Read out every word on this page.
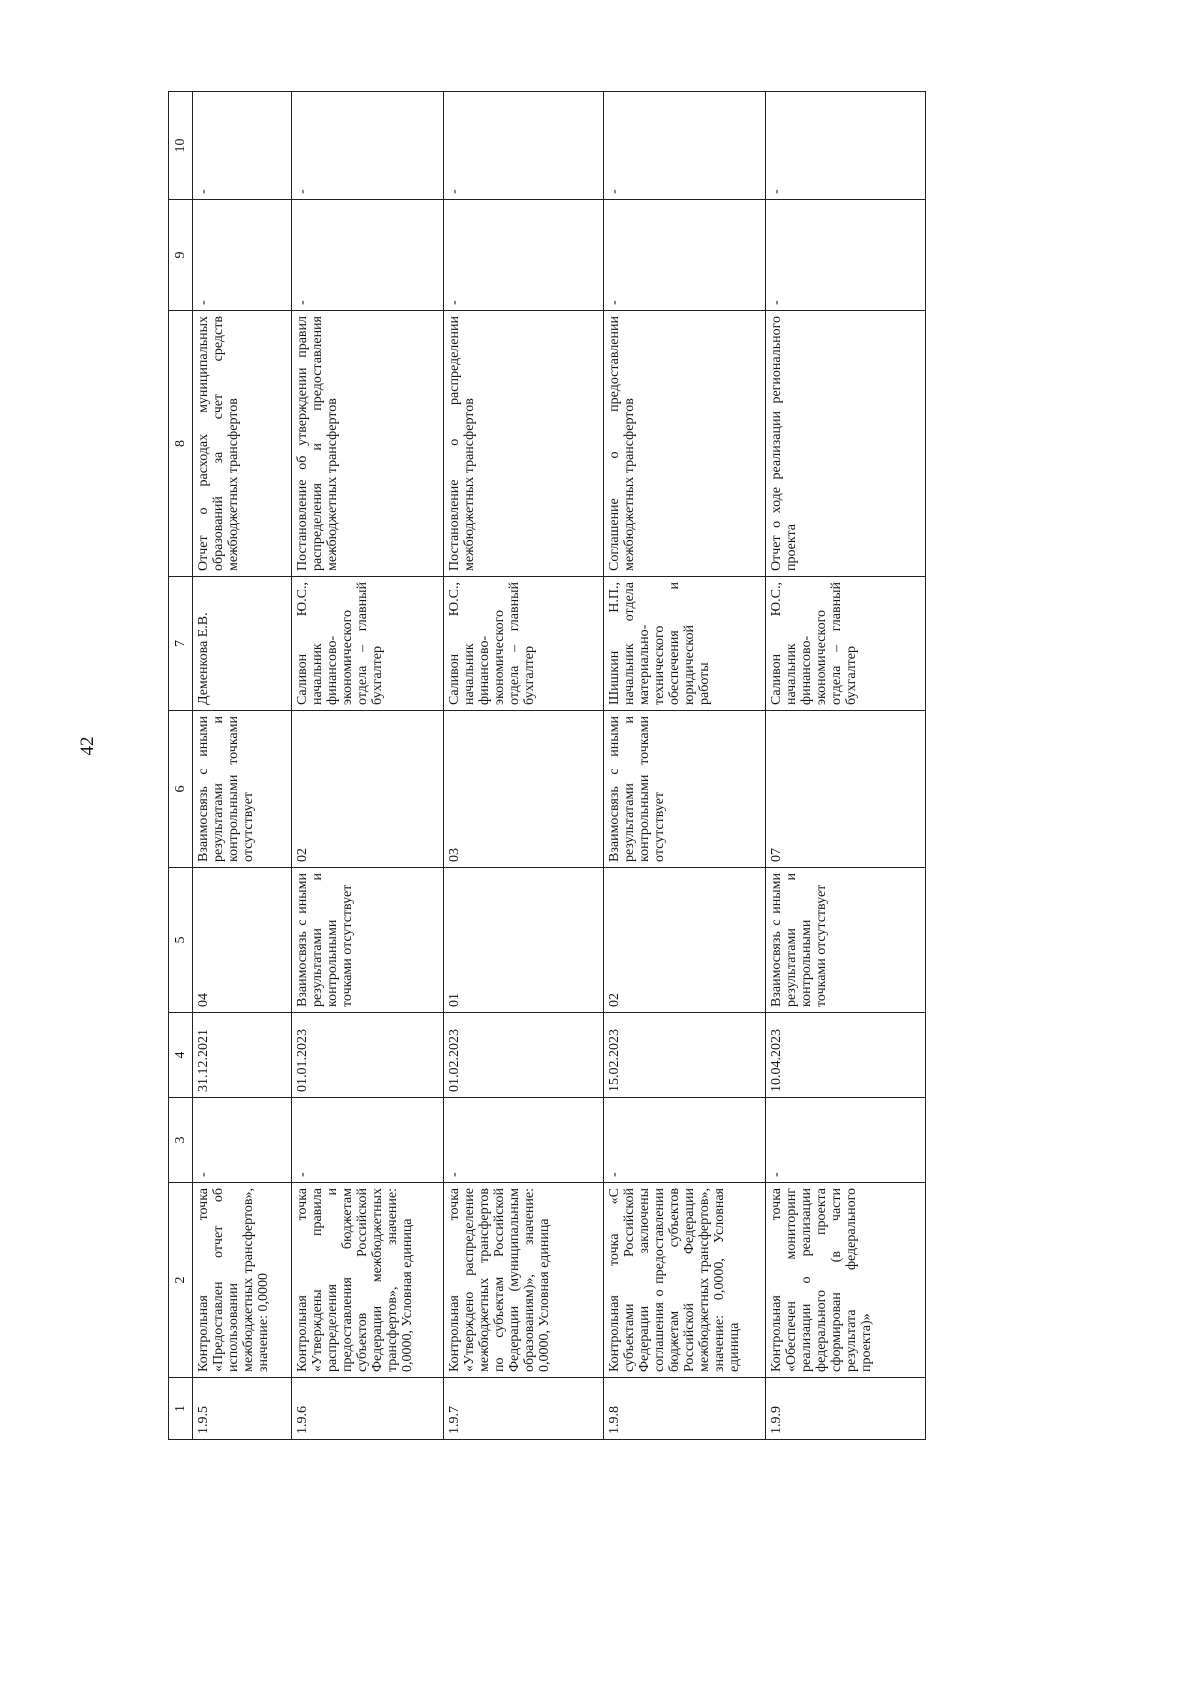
42
1	2	3	4	5	6	7	8	9	10
1.9.5	Контрольная точка «Предоставлен отчет об использовании межбюджетных трансфертов», значение: 0,0000	-	31.12.2021	04	Взаимосвязь с иными результатами и контрольными точками отсутствует	Деменкова Е.В.	Отчет о расходах муниципальных образований за счет средств межбюджетных трансфертов	-	-
1.9.6	Контрольная точка «Утверждены правила распределения и предоставления бюджетам субъектов Российской Федерации межбюджетных трансфертов», значение: 0,0000, Условная единица	-	01.01.2023	Взаимосвязь с иными результатами и контрольными точками отсутствует	02	Саливон Ю.С., начальник финансово-экономического отдела – главный бухгалтер	Постановление об утверждении правил распределения и предоставления межбюджетных трансфертов	-	-
1.9.7	Контрольная точка «Утверждено распределение межбюджетных трансфертов по субъектам Российской Федерации (муниципальным образованиям)», значение: 0,0000, Условная единица	-	01.02.2023	01	03	Саливон Ю.С., начальник финансово-экономического отдела – главный бухгалтер	Постановление о распределении межбюджетных трансфертов	-	-
1.9.8	Контрольная точка «С субъектами Российской Федерации заключены соглашения о предоставлении бюджетам субъектов Российской Федерации межбюджетных трансфертов», значение: 0,0000, Условная единица	-	15.02.2023	02	Взаимосвязь с иными результатами и контрольными точками отсутствует	Шишкин Н.П., начальник отдела материально-технического обеспечения и юридической работы	Соглашение о предоставлении межбюджетных трансфертов	-	-
1.9.9	Контрольная точка «Обеспечен мониторинг реализации о реализации федерального проекта сформирован (в части результата федерального проекта)»	-	10.04.2023	Взаимосвязь с иными результатами и контрольными точками отсутствует	07	Саливон Ю.С., начальник финансово-экономического отдела – главный бухгалтер	Отчет о ходе реализации регионального проекта	-	-
